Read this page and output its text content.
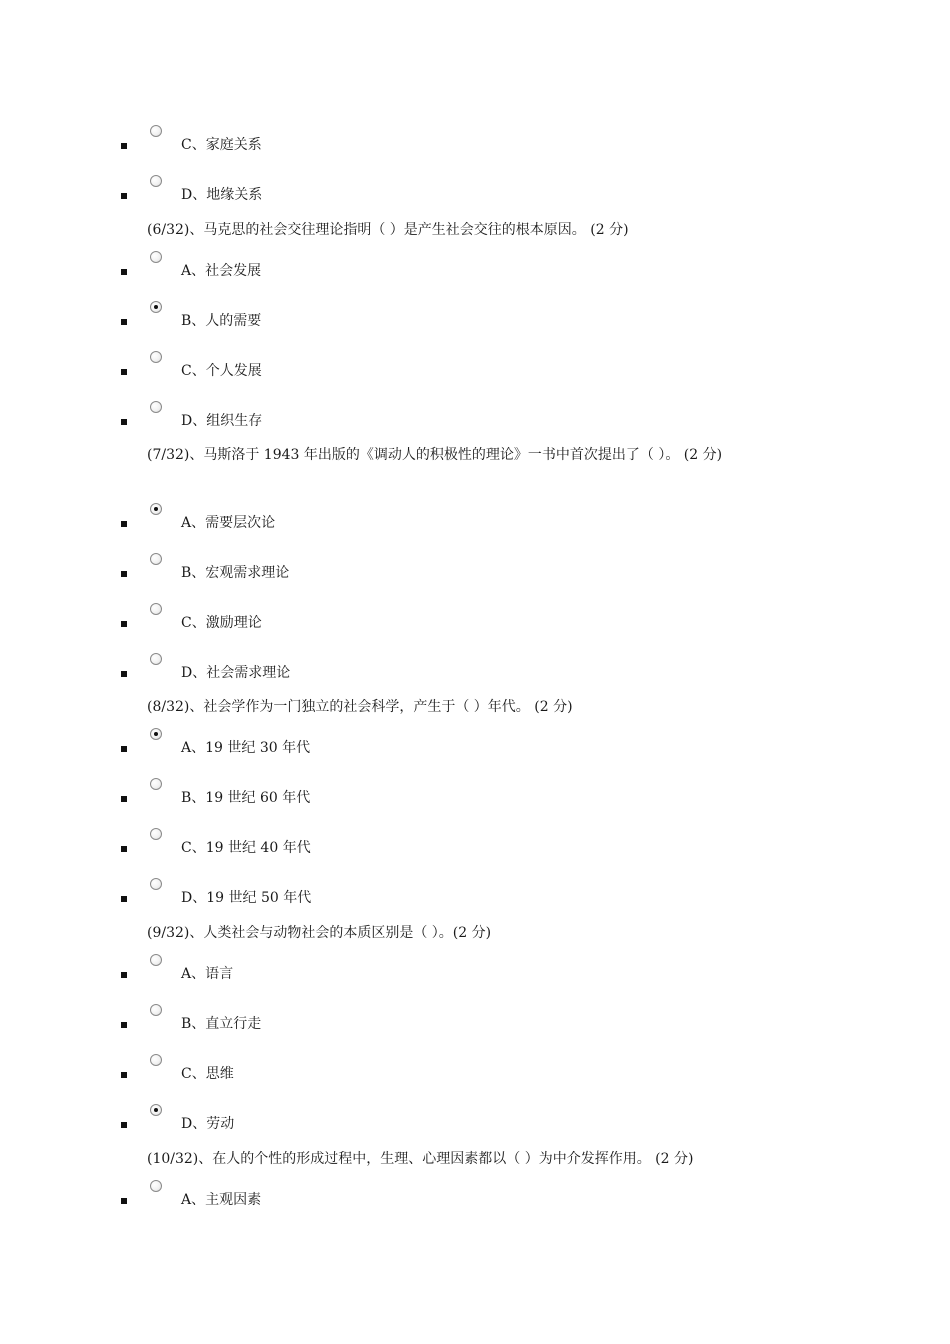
C、家庭关系
D、地缘关系
(6/32)、马克思的社会交往理论指明（ ）是产生社会交往的根本原因。 (2 分)
A、社会发展
B、人的需要
C、个人发展
D、组织生存
(7/32)、马斯洛于 1943 年出版的《调动人的积极性的理论》一书中首次提出了（ ）。 (2 分)
A、需要层次论
B、宏观需求理论
C、激励理论
D、社会需求理论
(8/32)、社会学作为一门独立的社会科学，产生于（ ）年代。 (2 分)
A、19 世纪 30 年代
B、19 世纪 60 年代
C、19 世纪 40 年代
D、19 世纪 50 年代
(9/32)、人类社会与动物社会的本质区别是（ ）。(2 分)
A、语言
B、直立行走
C、思维
D、劳动
(10/32)、在人的个性的形成过程中，生理、心理因素都以（ ）为中介发挥作用。 (2 分)
A、主观因素
